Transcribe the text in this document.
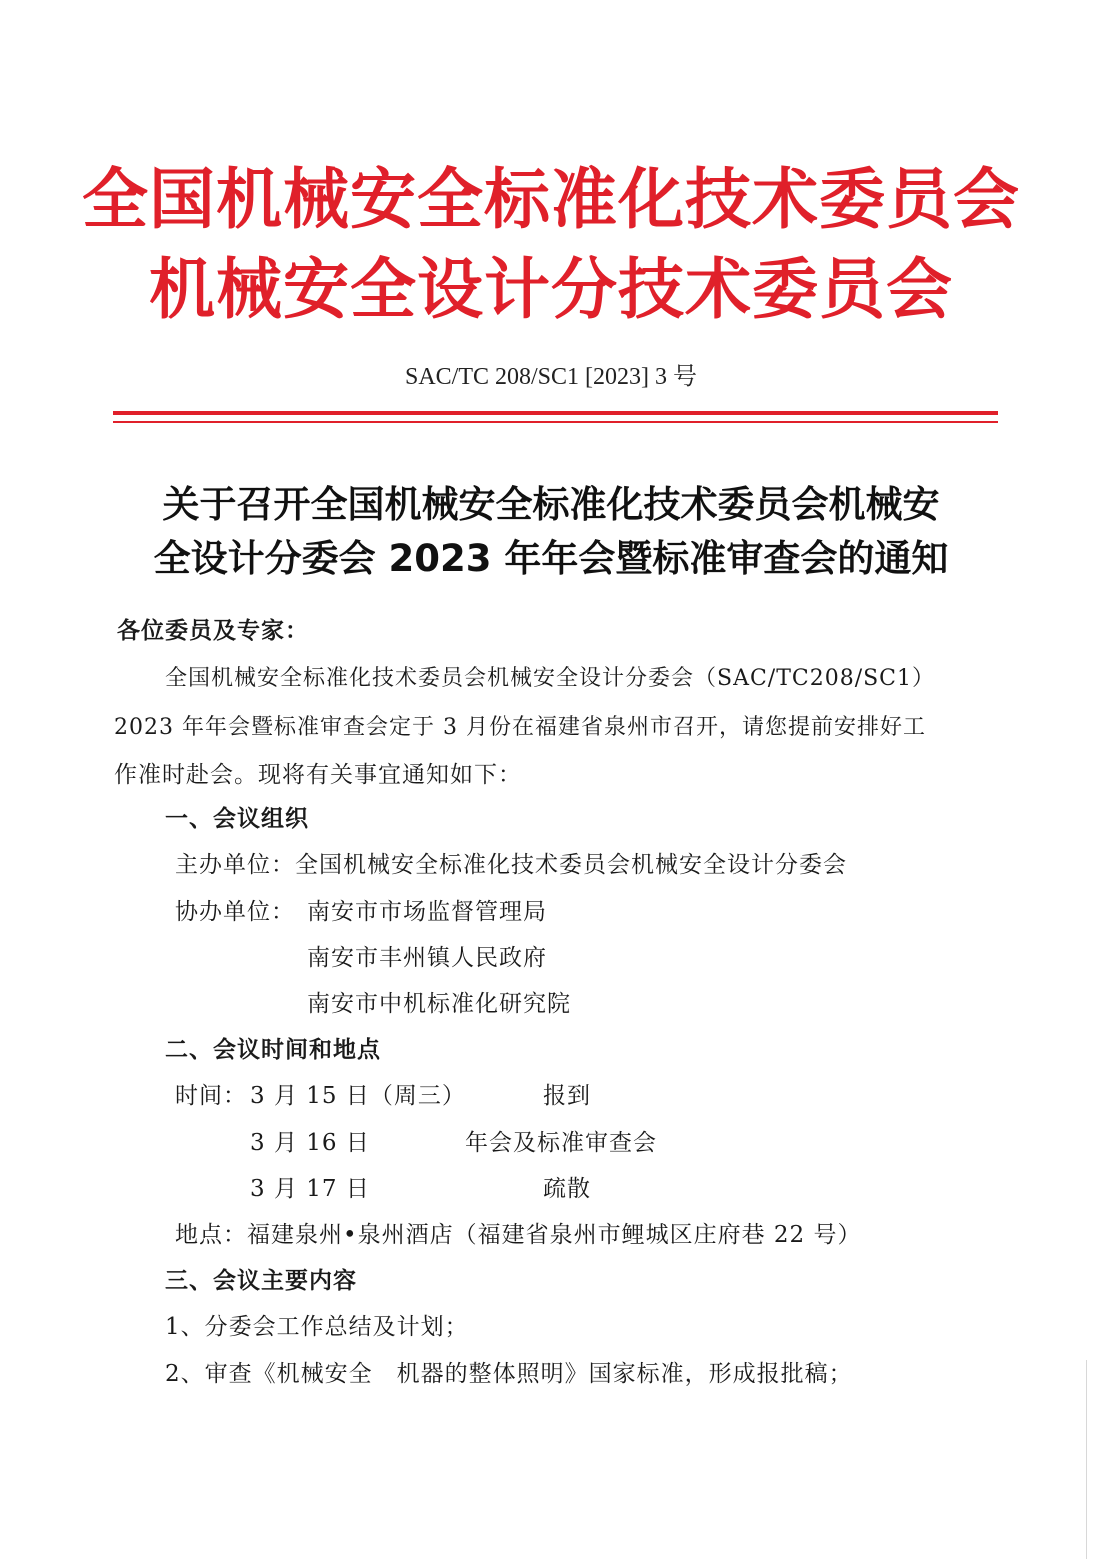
全国机械安全标准化技术委员会
机械安全设计分技术委员会
SAC/TC 208/SC1 [2023] 3 号
关于召开全国机械安全标准化技术委员会机械安
全设计分委会 2023 年年会暨标准审查会的通知
各位委员及专家：
全国机械安全标准化技术委员会机械安全设计分委会（SAC/TC208/SC1）
2023 年年会暨标准审查会定于 3 月份在福建省泉州市召开，请您提前安排好工
作准时赴会。现将有关事宜通知如下：
一、会议组织
主办单位：全国机械安全标准化技术委员会机械安全设计分委会
协办单位： 南安市市场监督管理局
南安市丰州镇人民政府
南安市中机标准化研究院
二、会议时间和地点
时间： 3 月 15 日（周三）	报到
3 月 16 日	年会及标准审查会
3 月 17 日	疏散
地点：福建泉州•泉州酒店（福建省泉州市鲤城区庄府巷 22 号）
三、会议主要内容
1、分委会工作总结及计划；
2、审查《机械安全　机器的整体照明》国家标准，形成报批稿；
